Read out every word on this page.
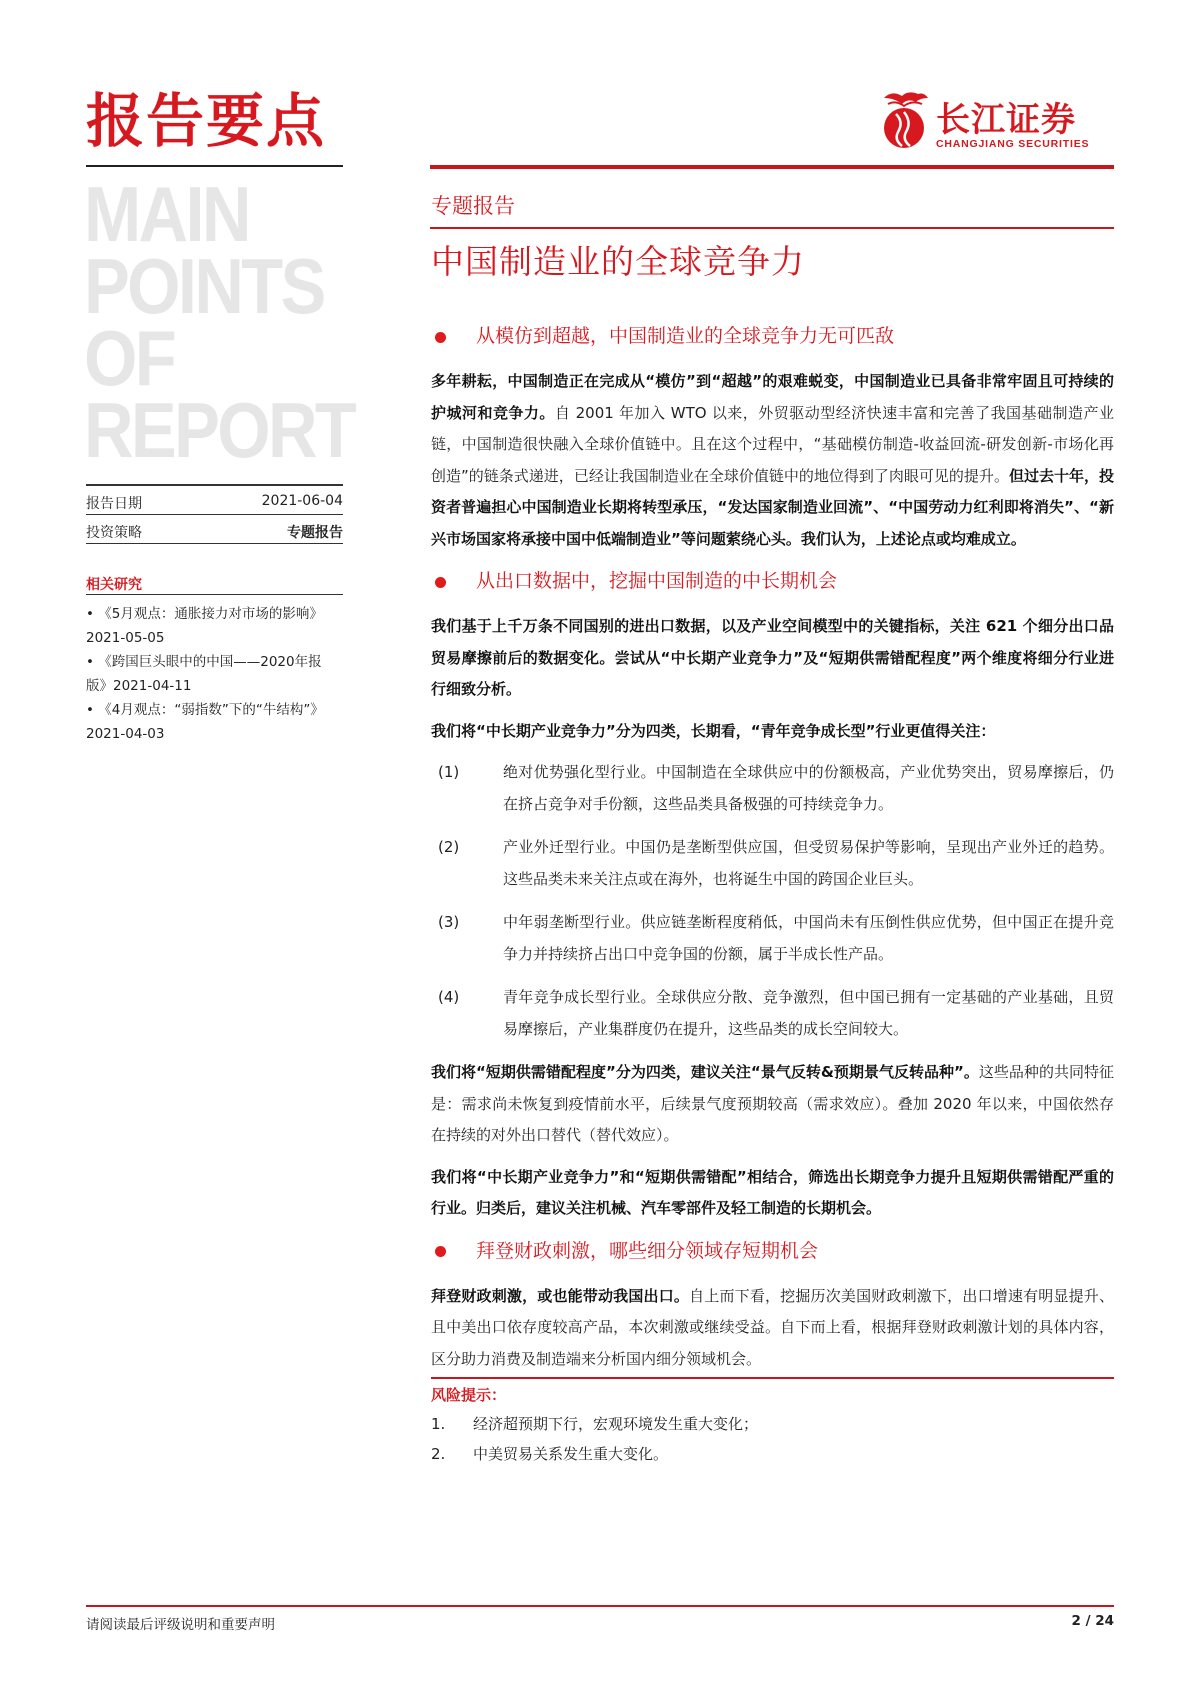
报告要点
MAIN
POINTS
OF
REPORT
报告日期	2021-06-04
投资策略	专题报告
相关研究
• 《5月观点：通胀接力对市场的影响》
2021-05-05
• 《跨国巨头眼中的中国——2020年报
版》2021-04-11
• 《4月观点：“弱指数”下的“牛结构”》
2021-04-03
长江证券
CHANGJIANG SECURITIES
专题报告
中国制造业的全球竞争力
从模仿到超越，中国制造业的全球竞争力无可匹敌

多年耕耘，中国制造正在完成从“模仿”到“超越”的艰难蜕变，中国制造业已具备非常牢固且可持续的护城河和竞争力。自 2001 年加入 WTO 以来，外贸驱动型经济快速丰富和完善了我国基础制造产业链，中国制造很快融入全球价值链中。且在这个过程中，“基础模仿制造-收益回流-研发创新-市场化再创造”的链条式递进，已经让我国制造业在全球价值链中的地位得到了肉眼可见的提升。但过去十年，投资者普遍担心中国制造业长期将转型承压，“发达国家制造业回流”、“中国劳动力红利即将消失”、“新兴市场国家将承接中国中低端制造业”等问题萦绕心头。我们认为，上述论点或均难成立。

从出口数据中，挖掘中国制造的中长期机会

我们基于上千万条不同国别的进出口数据，以及产业空间模型中的关键指标，关注 621 个细分出口品贸易摩擦前后的数据变化。尝试从“中长期产业竞争力”及“短期供需错配程度”两个维度将细分行业进行细致分析。

我们将“中长期产业竞争力”分为四类，长期看，“青年竞争成长型”行业更值得关注：

(1)	绝对优势强化型行业。中国制造在全球供应中的份额极高，产业优势突出，贸易摩擦后，仍在挤占竞争对手份额，这些品类具备极强的可持续竞争力。
(2)	产业外迁型行业。中国仍是垄断型供应国，但受贸易保护等影响，呈现出产业外迁的趋势。这些品类未来关注点或在海外，也将诞生中国的跨国企业巨头。
(3)	中年弱垄断型行业。供应链垄断程度稍低，中国尚未有压倒性供应优势，但中国正在提升竞争力并持续挤占出口中竞争国的份额，属于半成长性产品。
(4)	青年竞争成长型行业。全球供应分散、竞争激烈，但中国已拥有一定基础的产业基础，且贸易摩擦后，产业集群度仍在提升，这些品类的成长空间较大。

我们将“短期供需错配程度”分为四类，建议关注“景气反转&预期景气反转品种”。这些品种的共同特征是：需求尚未恢复到疫情前水平，后续景气度预期较高（需求效应）。叠加 2020 年以来，中国依然存在持续的对外出口替代（替代效应）。

我们将“中长期产业竞争力”和“短期供需错配”相结合，筛选出长期竞争力提升且短期供需错配严重的行业。归类后，建议关注机械、汽车零部件及轻工制造的长期机会。

拜登财政刺激，哪些细分领域存短期机会

拜登财政刺激，或也能带动我国出口。自上而下看，挖掘历次美国财政刺激下，出口增速有明显提升、且中美出口依存度较高产品，本次刺激或继续受益。自下而上看，根据拜登财政刺激计划的具体内容，区分助力消费及制造端来分析国内细分领域机会。

风险提示：
1.	经济超预期下行，宏观环境发生重大变化；
2.	中美贸易关系发生重大变化。
请阅读最后评级说明和重要声明	2 / 24
